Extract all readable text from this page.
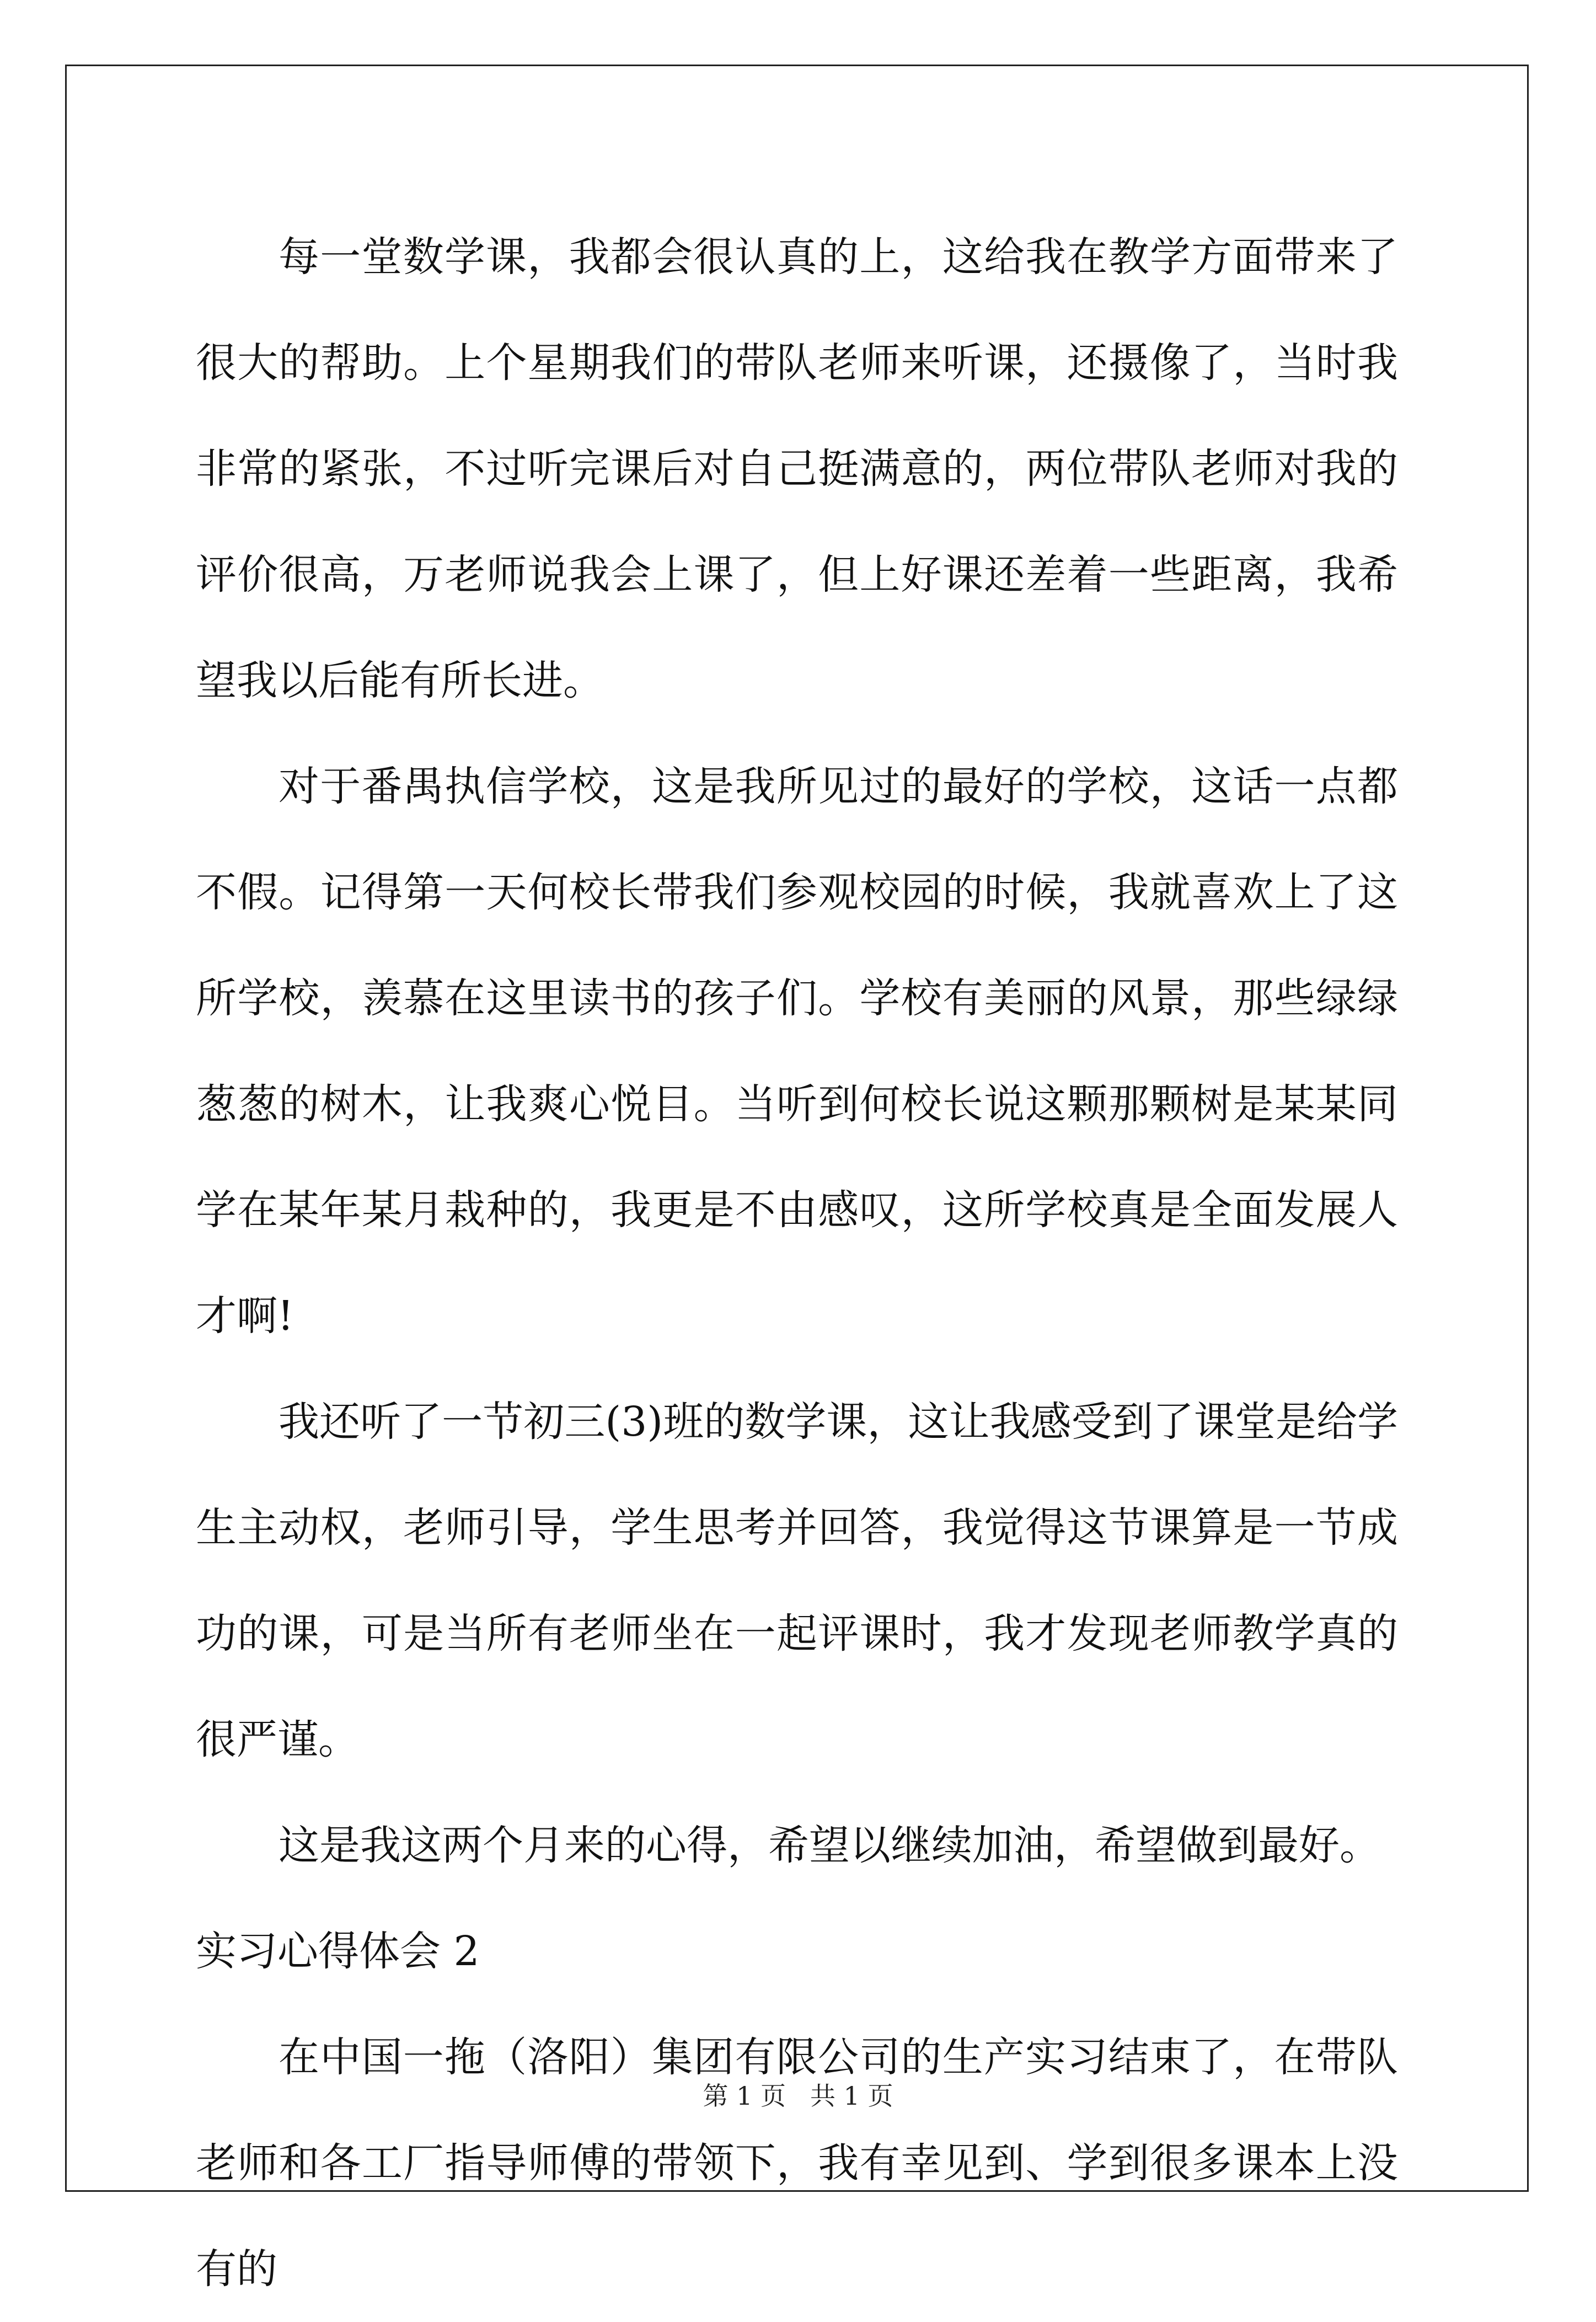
每一堂数学课，我都会很认真的上，这给我在教学方面带来了很大的帮助。上个星期我们的带队老师来听课，还摄像了，当时我非常的紧张，不过听完课后对自己挺满意的，两位带队老师对我的评价很高，万老师说我会上课了，但上好课还差着一些距离，我希望我以后能有所长进。

对于番禺执信学校，这是我所见过的最好的学校，这话一点都不假。记得第一天何校长带我们参观校园的时候，我就喜欢上了这所学校，羡慕在这里读书的孩子们。学校有美丽的风景，那些绿绿葱葱的树木，让我爽心悦目。当听到何校长说这颗那颗树是某某同学在某年某月栽种的，我更是不由感叹，这所学校真是全面发展人才啊!

我还听了一节初三(3)班的数学课，这让我感受到了课堂是给学生主动权，老师引导，学生思考并回答，我觉得这节课算是一节成功的课，可是当所有老师坐在一起评课时，我才发现老师教学真的很严谨。

这是我这两个月来的心得，希望以继续加油，希望做到最好。

实习心得体会 2

在中国一拖（洛阳）集团有限公司的生产实习结束了，在带队老师和各工厂指导师傅的带领下，我有幸见到、学到很多课本上没有的

第 1 页 共 1 页
